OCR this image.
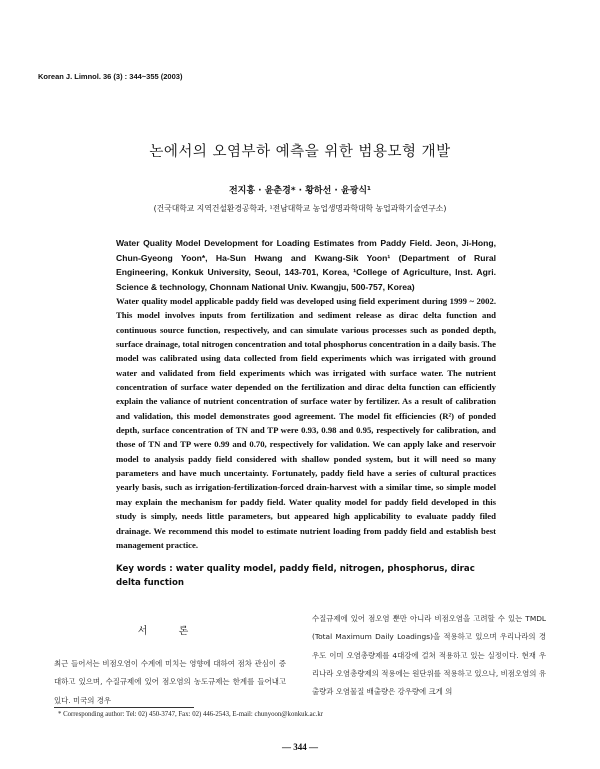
Korean J. Limnol. 36 (3) : 344~355 (2003)
논에서의 오염부하 예측을 위한 범용모형 개발
전지홍 · 윤춘경* · 황하선 · 윤광식¹
(건국대학교 지역건설환경공학과, ¹전남대학교 농업생명과학대학 농업과학기술연구소)
Water Quality Model Development for Loading Estimates from Paddy Field. Jeon, Ji-Hong, Chun-Gyeong Yoon*, Ha-Sun Hwang and Kwang-Sik Yoon¹ (Department of Rural Engineering, Konkuk University, Seoul, 143-701, Korea, ¹College of Agriculture, Inst. Agri. Science & technology, Chonnam National Univ. Kwangju, 500-757, Korea)
Water quality model applicable paddy field was developed using field experiment during 1999 ~ 2002. This model involves inputs from fertilization and sediment release as dirac delta function and continuous source function, respectively, and can simulate various processes such as ponded depth, surface drainage, total nitrogen concentration and total phosphorus concentration in a daily basis. The model was calibrated using data collected from field experiments which was irrigated with ground water and validated from field experiments which was irrigated with surface water. The nutrient concentration of surface water depended on the fertilization and dirac delta function can efficiently explain the valiance of nutrient concentration of surface water by fertilizer. As a result of calibration and validation, this model demonstrates good agreement. The model fit efficiencies (R²) of ponded depth, surface concentration of TN and TP were 0.93, 0.98 and 0.95, respectively for calibration, and those of TN and TP were 0.99 and 0.70, respectively for validation. We can apply lake and reservoir model to analysis paddy field considered with shallow ponded system, but it will need so many parameters and have much uncertainty. Fortunately, paddy field have a series of cultural practices yearly basis, such as irrigation-fertilization-forced drain-harvest with a similar time, so simple model may explain the mechanism for paddy field. Water quality model for paddy field developed in this study is simply, needs little parameters, but appeared high applicability to evaluate paddy filed drainage. We recommend this model to estimate nutrient loading from paddy field and establish best management practice.
Key words : water quality model, paddy field, nitrogen, phosphorus, dirac delta function
서 론
최근 들어서는 비점오염이 수계에 미치는 영향에 대하여 점차 관심이 증대하고 있으며, 수질규제에 있어 점오염의 농도규제는 한계를 들어내고 있다. 미국의 경우
수질규제에 있어 점오염 뿐만 아니라 비점오염을 고려할 수 있는 TMDL (Total Maximum Daily Loadings)을 적용하고 있으며 우리나라의 경우도 이미 오염총량제를 4대강에 걸쳐 적용하고 있는 실정이다. 현재 우리나라 오염총량제의 적용에는 원단위를 적용하고 있으나, 비점오염의 유출량과 오염물질 배출량은 강우량에 크게 의
* Corresponding author: Tel: 02) 450-3747, Fax: 02) 446-2543, E-mail: chunyoon@konkuk.ac.kr
— 344 —
